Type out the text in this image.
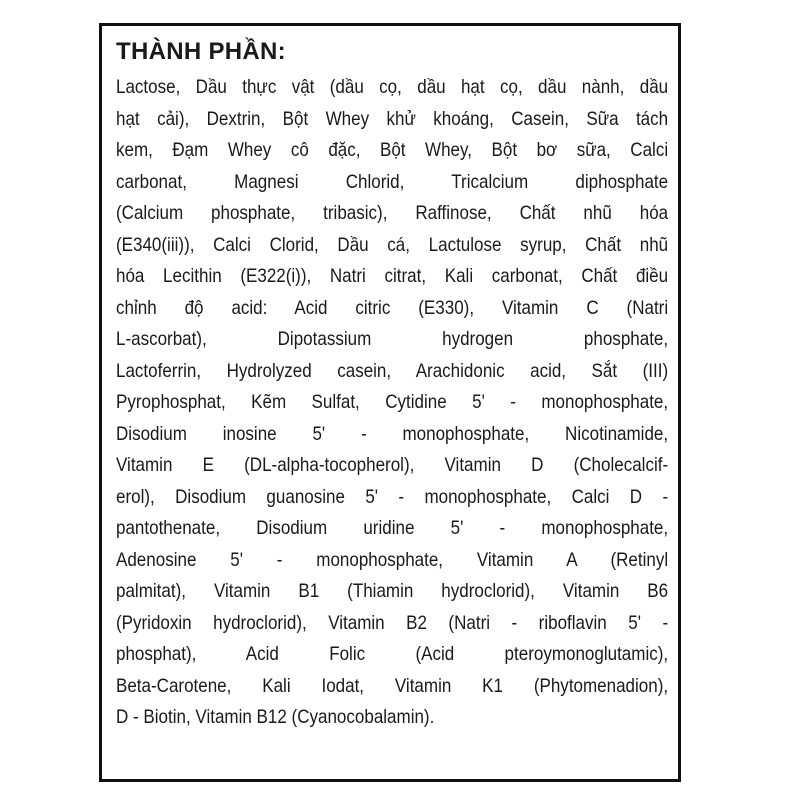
THÀNH PHẦN:
Lactose, Dầu thực vật (dầu cọ, dầu hạt cọ, dầu nành, dầu
hạt cải), Dextrin, Bột Whey khử khoáng, Casein, Sữa tách
kem, Đạm Whey cô đặc, Bột Whey, Bột bơ sữa, Calci
carbonat, Magnesi Chlorid, Tricalcium diphosphate
(Calcium phosphate, tribasic), Raffinose, Chất nhũ hóa
(E340(iii)), Calci Clorid, Dầu cá, Lactulose syrup, Chất nhũ
hóa Lecithin (E322(i)), Natri citrat, Kali carbonat, Chất điều
chỉnh độ acid: Acid citric (E330), Vitamin C (Natri
L-ascorbat), Dipotassium hydrogen phosphate,
Lactoferrin, Hydrolyzed casein, Arachidonic acid, Sắt (III)
Pyrophosphat, Kẽm Sulfat, Cytidine 5' - monophosphate,
Disodium inosine 5' - monophosphate, Nicotinamide,
Vitamin E (DL-alpha-tocopherol), Vitamin D (Cholecalcif-
erol), Disodium guanosine 5' - monophosphate, Calci D -
pantothenate, Disodium uridine 5' - monophosphate,
Adenosine 5' - monophosphate, Vitamin A (Retinyl
palmitat), Vitamin B1 (Thiamin hydroclorid), Vitamin B6
(Pyridoxin hydroclorid), Vitamin B2 (Natri - riboflavin 5' -
phosphat), Acid Folic (Acid pteroymonoglutamic),
Beta-Carotene, Kali Iodat, Vitamin K1 (Phytomenadion),
D - Biotin, Vitamin B12 (Cyanocobalamin).
